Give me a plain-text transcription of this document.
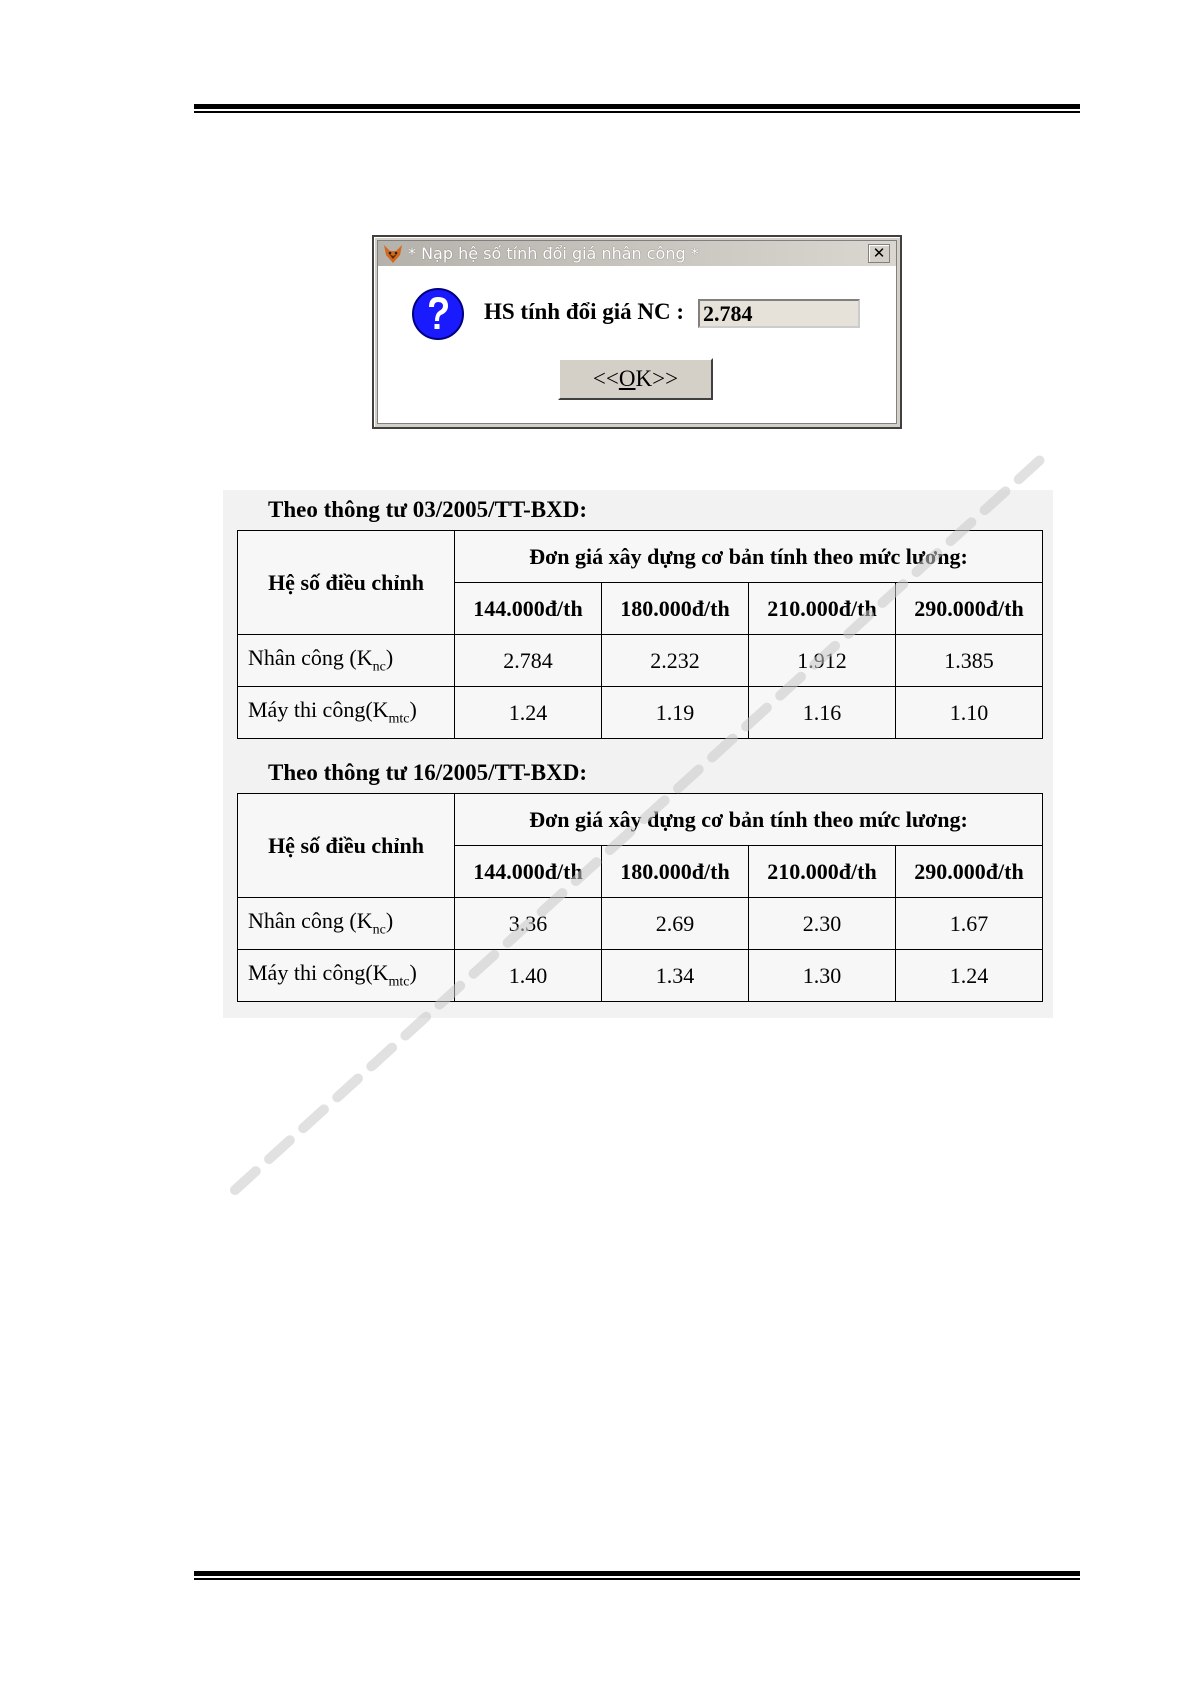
* Nạp hệ số tính đổi giá nhân công *	✕
HS tính đổi giá NC : 2.784
<<OK>>
Theo thông tư 03/2005/TT-BXD:
Hệ số điều chỉnh	Đơn giá xây dựng cơ bản tính theo mức lương:			
	144.000đ/th	180.000đ/th	210.000đ/th	290.000đ/th
Nhân công $(K_{nc})$	2.784	2.232	1.912	1.385
Máy thi $công(K_{mtc})$	1.24	1.19	1.16	1.10
Theo thông tư 16/2005/TT-BXD:
Hệ số điều chỉnh	Đơn giá xây dựng cơ bản tính theo mức lương:			
	144.000đ/th	180.000đ/th	210.000đ/th	290.000đ/th
Nhân công $(K_{nc})$	3.36	2.69	2.30	1.67
Máy thi $công(K_{mtc})$	1.40	1.34	1.30	1.24
